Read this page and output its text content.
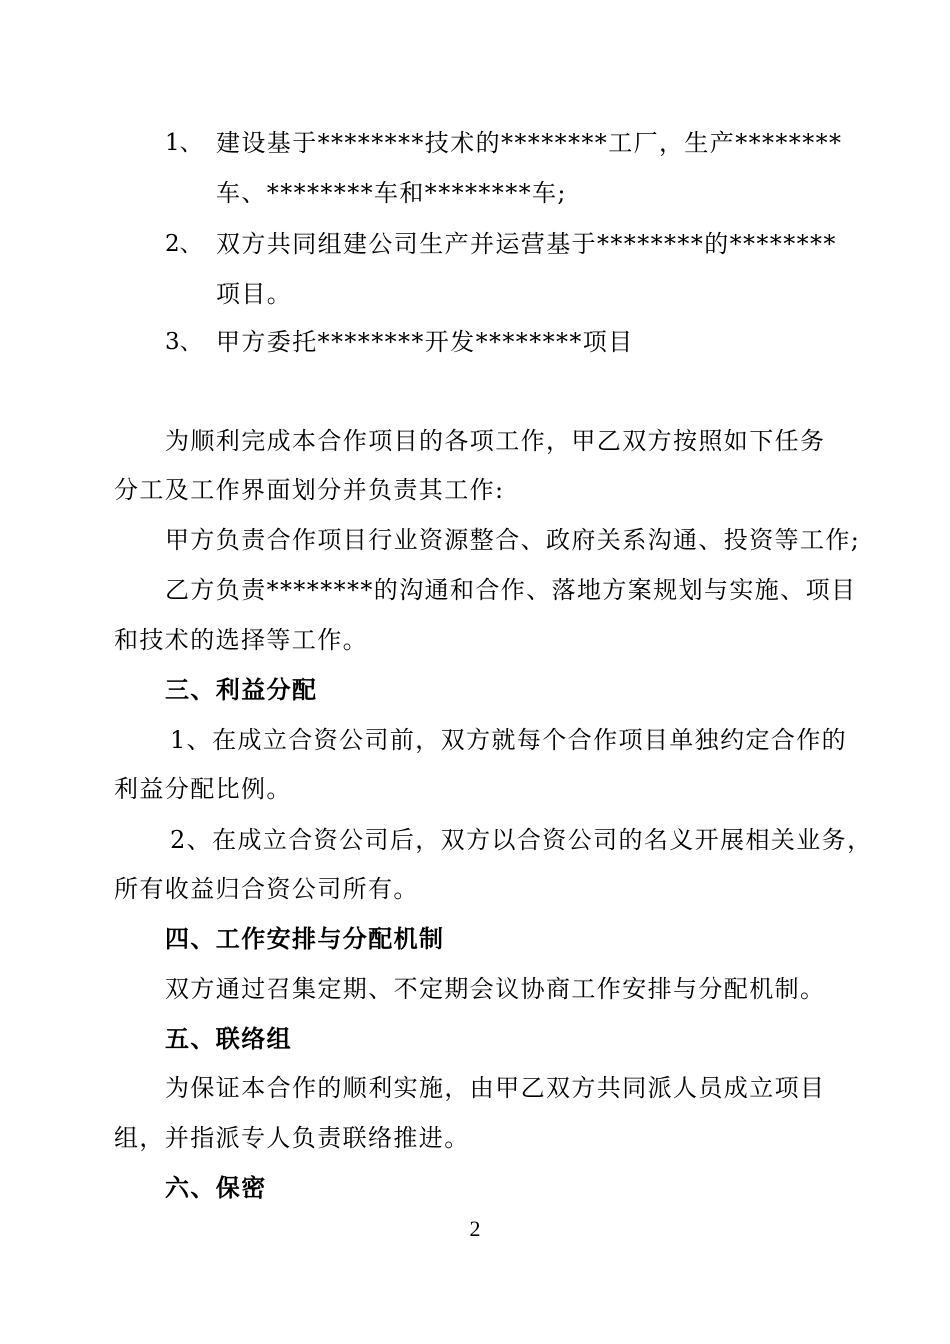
1、 建设基于********技术的********工厂，生产********
车、********车和********车;
2、 双方共同组建公司生产并运营基于********的********
项目。
3、 甲方委托********开发********项目
为顺利完成本合作项目的各项工作，甲乙双方按照如下任务
分工及工作界面划分并负责其工作:
甲方负责合作项目行业资源整合、政府关系沟通、投资等工作;
乙方负责********的沟通和合作、落地方案规划与实施、项目
和技术的选择等工作。
三、利益分配
1、在成立合资公司前，双方就每个合作项目单独约定合作的
利益分配比例。
2、在成立合资公司后，双方以合资公司的名义开展相关业务，
所有收益归合资公司所有。
四、工作安排与分配机制
双方通过召集定期、不定期会议协商工作安排与分配机制。
五、联络组
为保证本合作的顺利实施，由甲乙双方共同派人员成立项目
组，并指派专人负责联络推进。
六、保密
2
